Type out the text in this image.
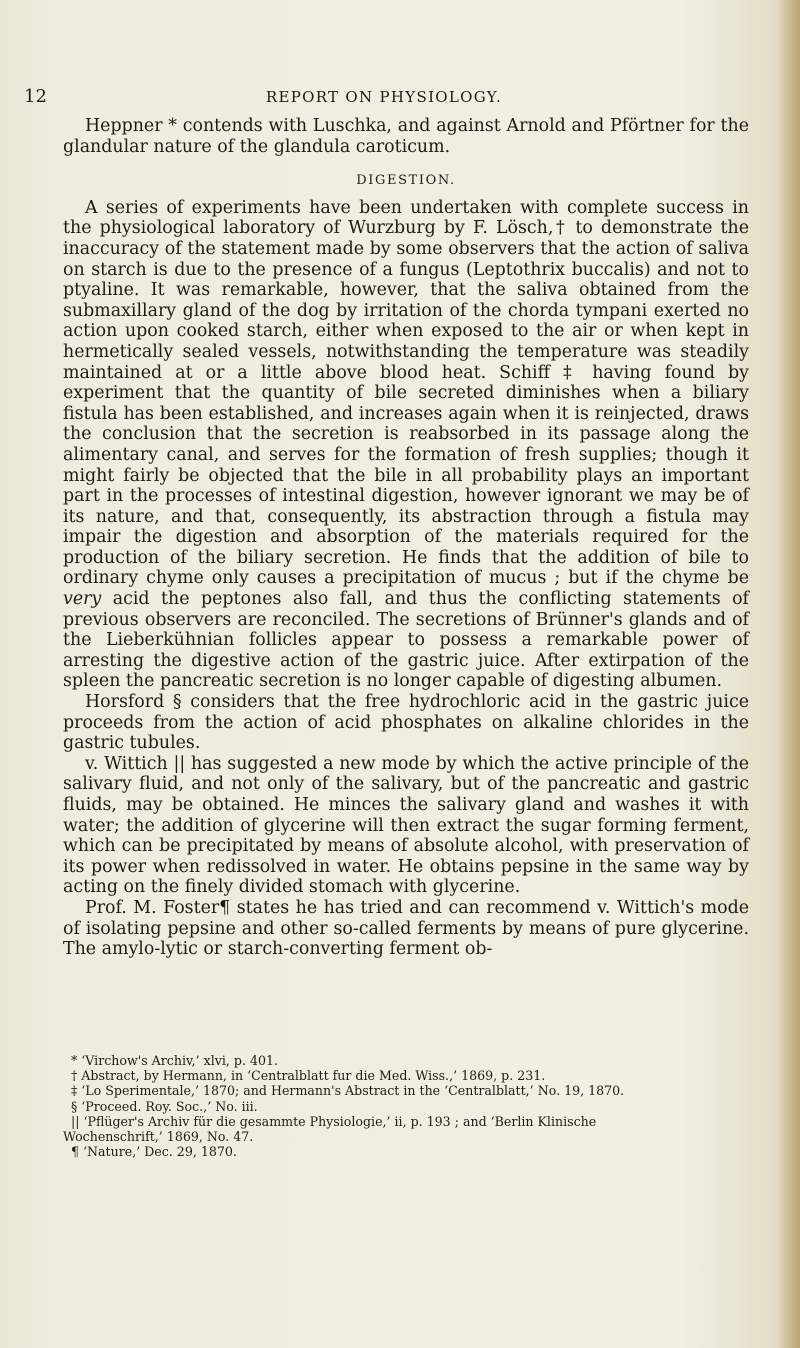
12	REPORT ON PHYSIOLOGY.

Heppner * contends with Luschka, and against Arnold and Pförtner for the glandular nature of the glandula caroticum.

DIGESTION.

A series of experiments have been undertaken with complete success in the physiological laboratory of Wurzburg by F. Lösch,† to demonstrate the inaccuracy of the statement made by some observers that the action of saliva on starch is due to the presence of a fungus (Leptothrix buccalis) and not to ptyaline. It was remarkable, however, that the saliva obtained from the submaxillary gland of the dog by irritation of the chorda tympani exerted no action upon cooked starch, either when exposed to the air or when kept in hermetically sealed vessels, notwithstanding the temperature was steadily maintained at or a little above blood heat. Schiff ‡ having found by experiment that the quantity of bile secreted diminishes when a biliary fistula has been established, and increases again when it is reinjected, draws the conclusion that the secretion is reabsorbed in its passage along the alimentary canal, and serves for the formation of fresh supplies; though it might fairly be objected that the bile in all probability plays an important part in the processes of intestinal digestion, however ignorant we may be of its nature, and that, consequently, its abstraction through a fistula may impair the digestion and absorption of the materials required for the production of the biliary secretion. He finds that the addition of bile to ordinary chyme only causes a precipitation of mucus ; but if the chyme be very acid the peptones also fall, and thus the conflicting statements of previous observers are reconciled. The secretions of Brünner's glands and of the Lieberkühnian follicles appear to possess a remarkable power of arresting the digestive action of the gastric juice. After extirpation of the spleen the pancreatic secretion is no longer capable of digesting albumen.

Horsford § considers that the free hydrochloric acid in the gastric juice proceeds from the action of acid phosphates on alkaline chlorides in the gastric tubules.

v. Wittich || has suggested a new mode by which the active principle of the salivary fluid, and not only of the salivary, but of the pancreatic and gastric fluids, may be obtained. He minces the salivary gland and washes it with water; the addition of glycerine will then extract the sugar forming ferment, which can be precipitated by means of absolute alcohol, with preservation of its power when redissolved in water. He obtains pepsine in the same way by acting on the finely divided stomach with glycerine.

Prof. M. Foster¶ states he has tried and can recommend v. Wittich's mode of isolating pepsine and other so-called ferments by means of pure glycerine. The amylo-lytic or starch-converting ferment ob-

* ‘Virchow's Archiv,’ xlvi, p. 401.
† Abstract, by Hermann, in ‘Centralblatt fur die Med. Wiss.,’ 1869, p. 231.
‡ ‘Lo Sperimentale,’ 1870; and Hermann's Abstract in the ‘Centralblatt,’ No. 19, 1870.
§ ‘Proceed. Roy. Soc.,’ No. iii.
|| ‘Pflüger's Archiv für die gesammte Physiologie,’ ii, p. 193 ; and ‘Berlin Klinische
Wochenschrift,’ 1869, No. 47.
¶ ‘Nature,’ Dec. 29, 1870.
